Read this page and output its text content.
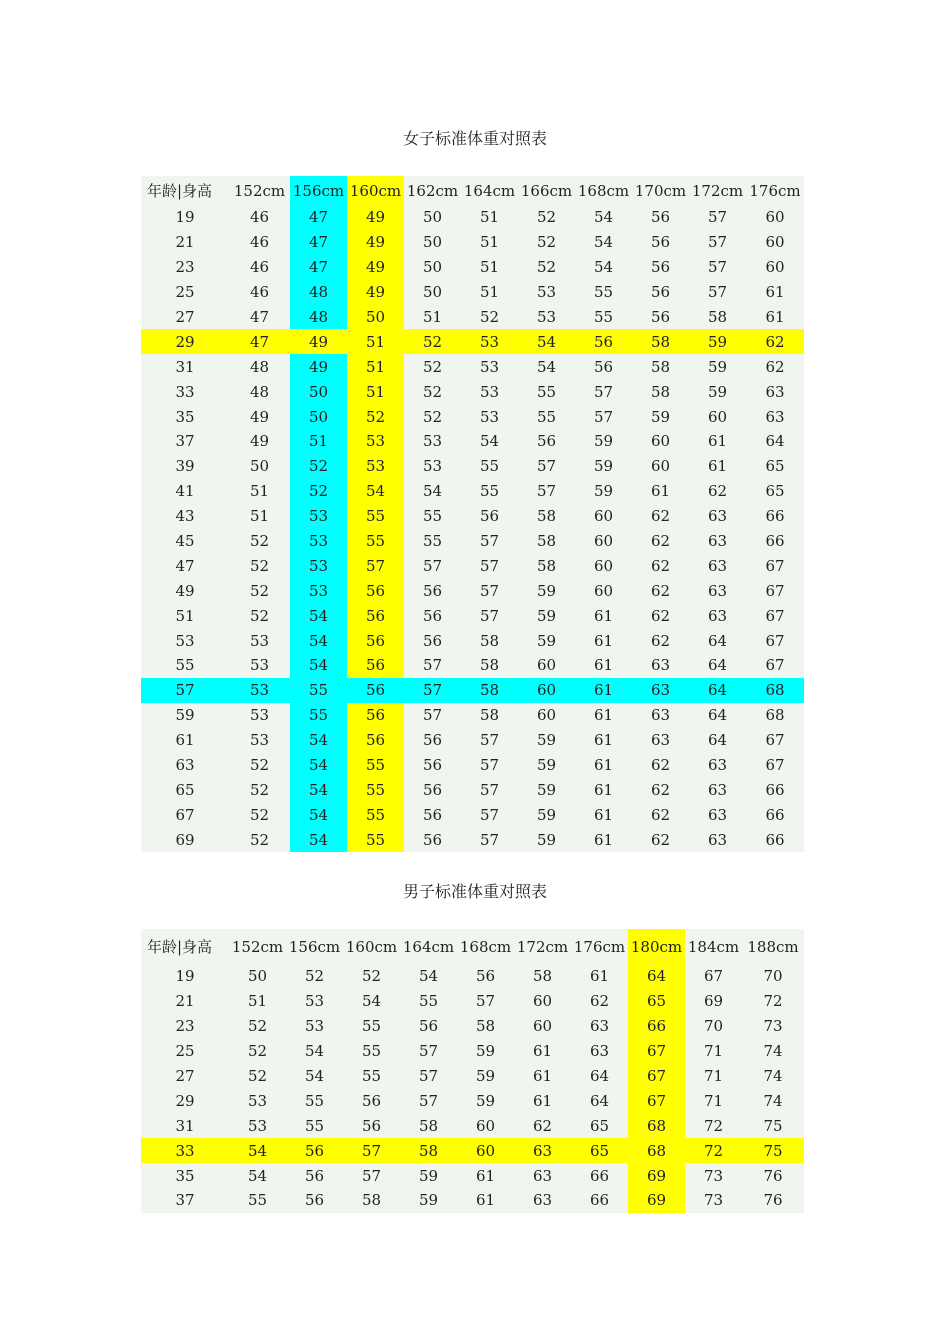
女子标准体重对照表
年龄|身高	152cm	156cm	160cm	162cm	164cm	166cm	168cm	170cm	172cm	176cm
19	46	47	49	50	51	52	54	56	57	60
21	46	47	49	50	51	52	54	56	57	60
23	46	47	49	50	51	52	54	56	57	60
25	46	48	49	50	51	53	55	56	57	61
27	47	48	50	51	52	53	55	56	58	61
29	47	49	51	52	53	54	56	58	59	62
31	48	49	51	52	53	54	56	58	59	62
33	48	50	51	52	53	55	57	58	59	63
35	49	50	52	52	53	55	57	59	60	63
37	49	51	53	53	54	56	59	60	61	64
39	50	52	53	53	55	57	59	60	61	65
41	51	52	54	54	55	57	59	61	62	65
43	51	53	55	55	56	58	60	62	63	66
45	52	53	55	55	57	58	60	62	63	66
47	52	53	57	57	57	58	60	62	63	67
49	52	53	56	56	57	59	60	62	63	67
51	52	54	56	56	57	59	61	62	63	67
53	53	54	56	56	58	59	61	62	64	67
55	53	54	56	57	58	60	61	63	64	67
57	53	55	56	57	58	60	61	63	64	68
59	53	55	56	57	58	60	61	63	64	68
61	53	54	56	56	57	59	61	63	64	67
63	52	54	55	56	57	59	61	62	63	67
65	52	54	55	56	57	59	61	62	63	66
67	52	54	55	56	57	59	61	62	63	66
69	52	54	55	56	57	59	61	62	63	66
男子标准体重对照表
年龄|身高	152cm	156cm	160cm	164cm	168cm	172cm	176cm	180cm	184cm	188cm
19	50	52	52	54	56	58	61	64	67	70
21	51	53	54	55	57	60	62	65	69	72
23	52	53	55	56	58	60	63	66	70	73
25	52	54	55	57	59	61	63	67	71	74
27	52	54	55	57	59	61	64	67	71	74
29	53	55	56	57	59	61	64	67	71	74
31	53	55	56	58	60	62	65	68	72	75
33	54	56	57	58	60	63	65	68	72	75
35	54	56	57	59	61	63	66	69	73	76
37	55	56	58	59	61	63	66	69	73	76
